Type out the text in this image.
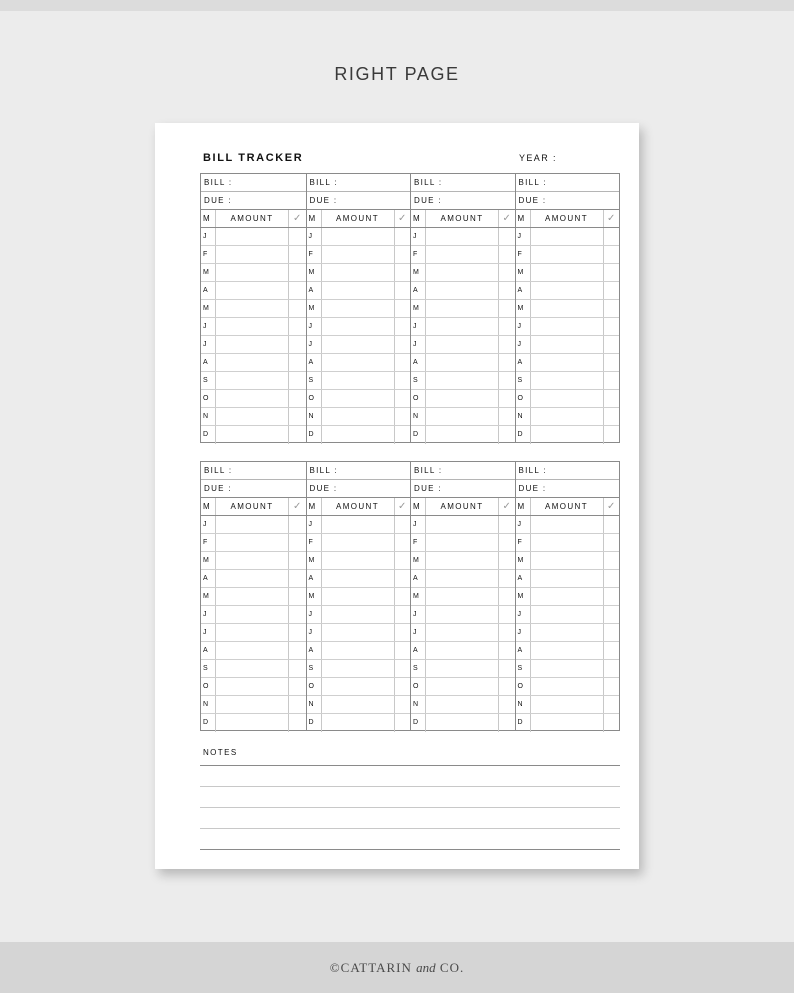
RIGHT PAGE
BILL TRACKER	YEAR :
BILL :
DUE :
M	AMOUNT	✓
J
F
M
A
M
J
J
A
S
O
N
D
BILL :
DUE :
M	AMOUNT	✓
J
F
M
A
M
J
J
A
S
O
N
D
BILL :
DUE :
M	AMOUNT	✓
J
F
M
A
M
J
J
A
S
O
N
D
BILL :
DUE :
M	AMOUNT	✓
J
F
M
A
M
J
J
A
S
O
N
D
BILL :
DUE :
M	AMOUNT	✓
J
F
M
A
M
J
J
A
S
O
N
D
BILL :
DUE :
M	AMOUNT	✓
J
F
M
A
M
J
J
A
S
O
N
D
BILL :
DUE :
M	AMOUNT	✓
J
F
M
A
M
J
J
A
S
O
N
D
BILL :
DUE :
M	AMOUNT	✓
J
F
M
A
M
J
J
A
S
O
N
D
NOTES
©CATTARIN and CO.
